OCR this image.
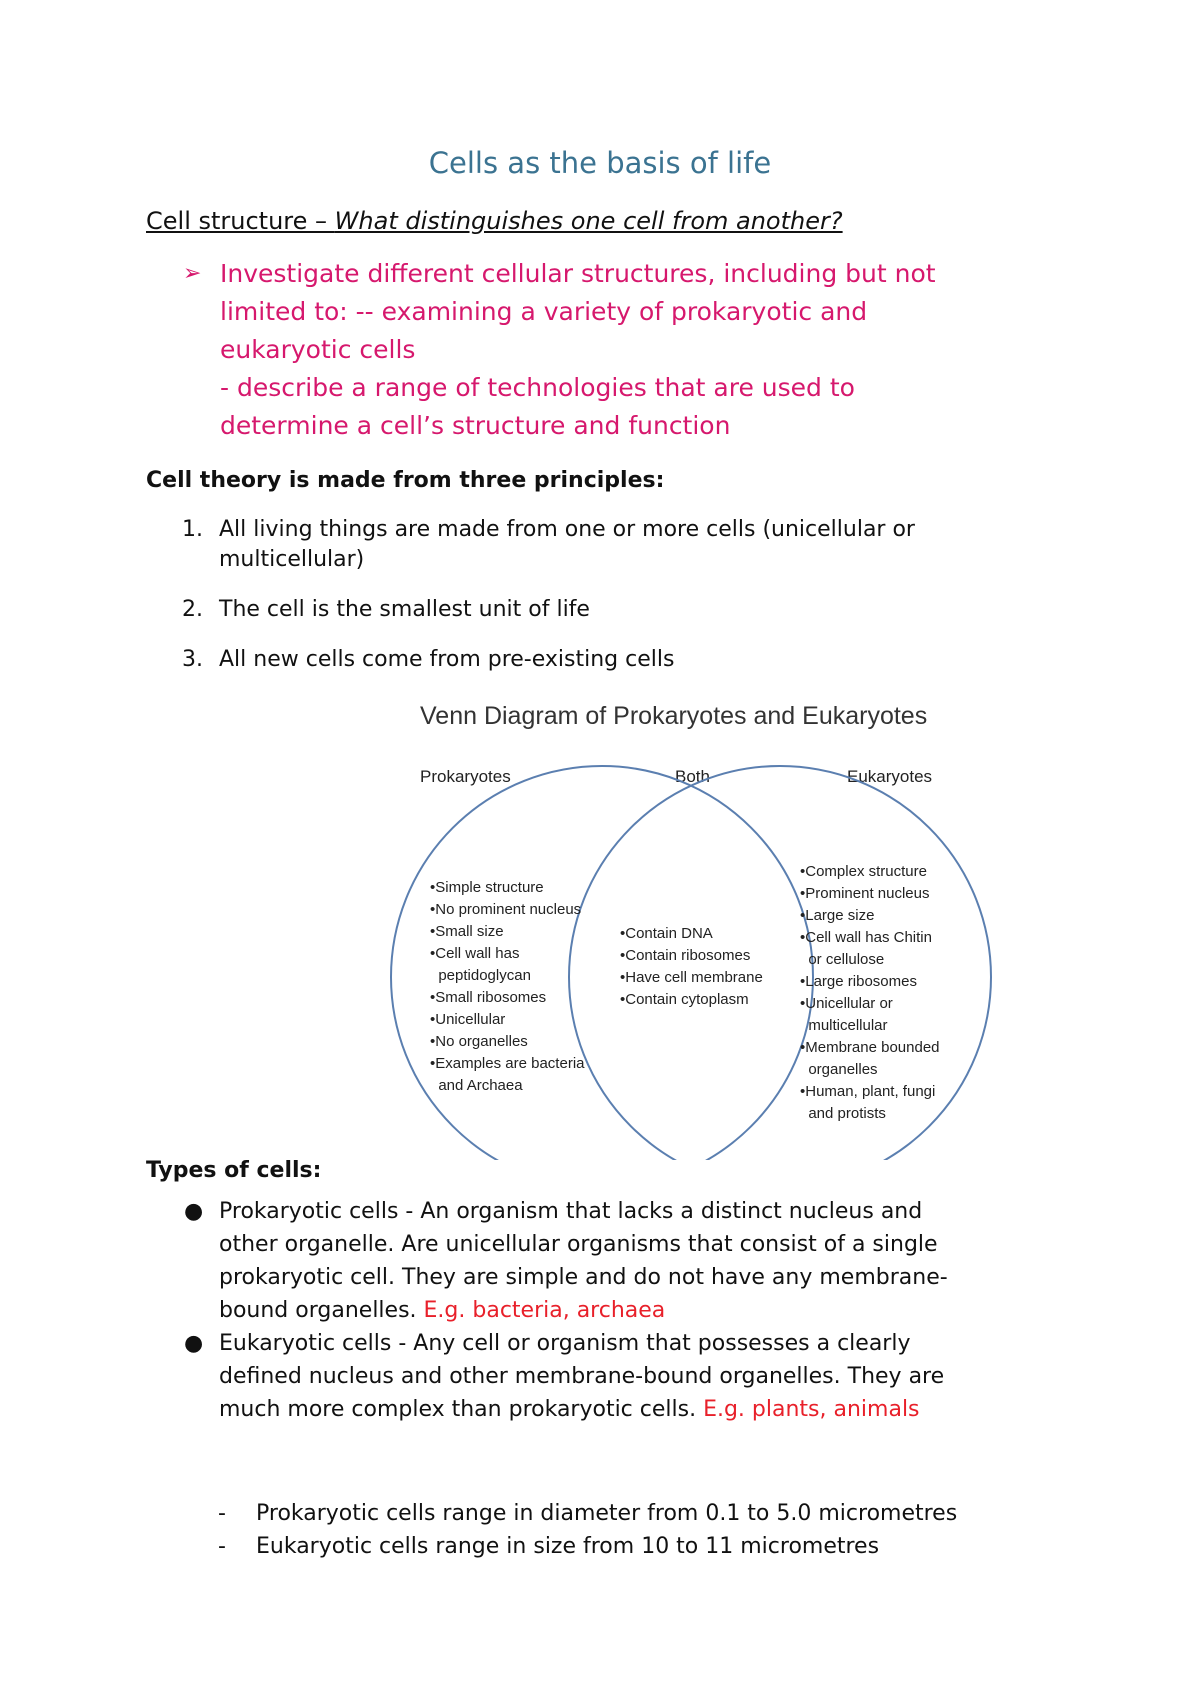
Cells as the basis of life
Cell structure – What distinguishes one cell from another?
➢ Investigate different cellular structures, including but not
limited to: -- examining a variety of prokaryotic and
eukaryotic cells
- describe a range of technologies that are used to
determine a cell’s structure and function
Cell theory is made from three principles:
1. All living things are made from one or more cells (unicellular or
multicellular)
2. The cell is the smallest unit of life
3. All new cells come from pre-existing cells
Venn Diagram of Prokaryotes and Eukaryotes
Prokaryotes	Both	Eukaryotes
•Simple structure
•No prominent nucleus
•Small size
•Cell wall has
peptidoglycan
•Small ribosomes
•Unicellular
•No organelles
•Examples are bacteria
and Archaea
•Contain DNA
•Contain ribosomes
•Have cell membrane
•Contain cytoplasm
•Complex structure
•Prominent nucleus
•Large size
•Cell wall has Chitin
or cellulose
•Large ribosomes
•Unicellular or
multicellular
•Membrane bounded
organelles
•Human, plant, fungi
and protists
Types of cells:
● Prokaryotic cells - An organism that lacks a distinct nucleus and
other organelle. Are unicellular organisms that consist of a single
prokaryotic cell. They are simple and do not have any membrane-
bound organelles. E.g. bacteria, archaea
● Eukaryotic cells - Any cell or organism that possesses a clearly
defined nucleus and other membrane-bound organelles. They are
much more complex than prokaryotic cells. E.g. plants, animals
- Prokaryotic cells range in diameter from 0.1 to 5.0 micrometres
- Eukaryotic cells range in size from 10 to 11 micrometres
